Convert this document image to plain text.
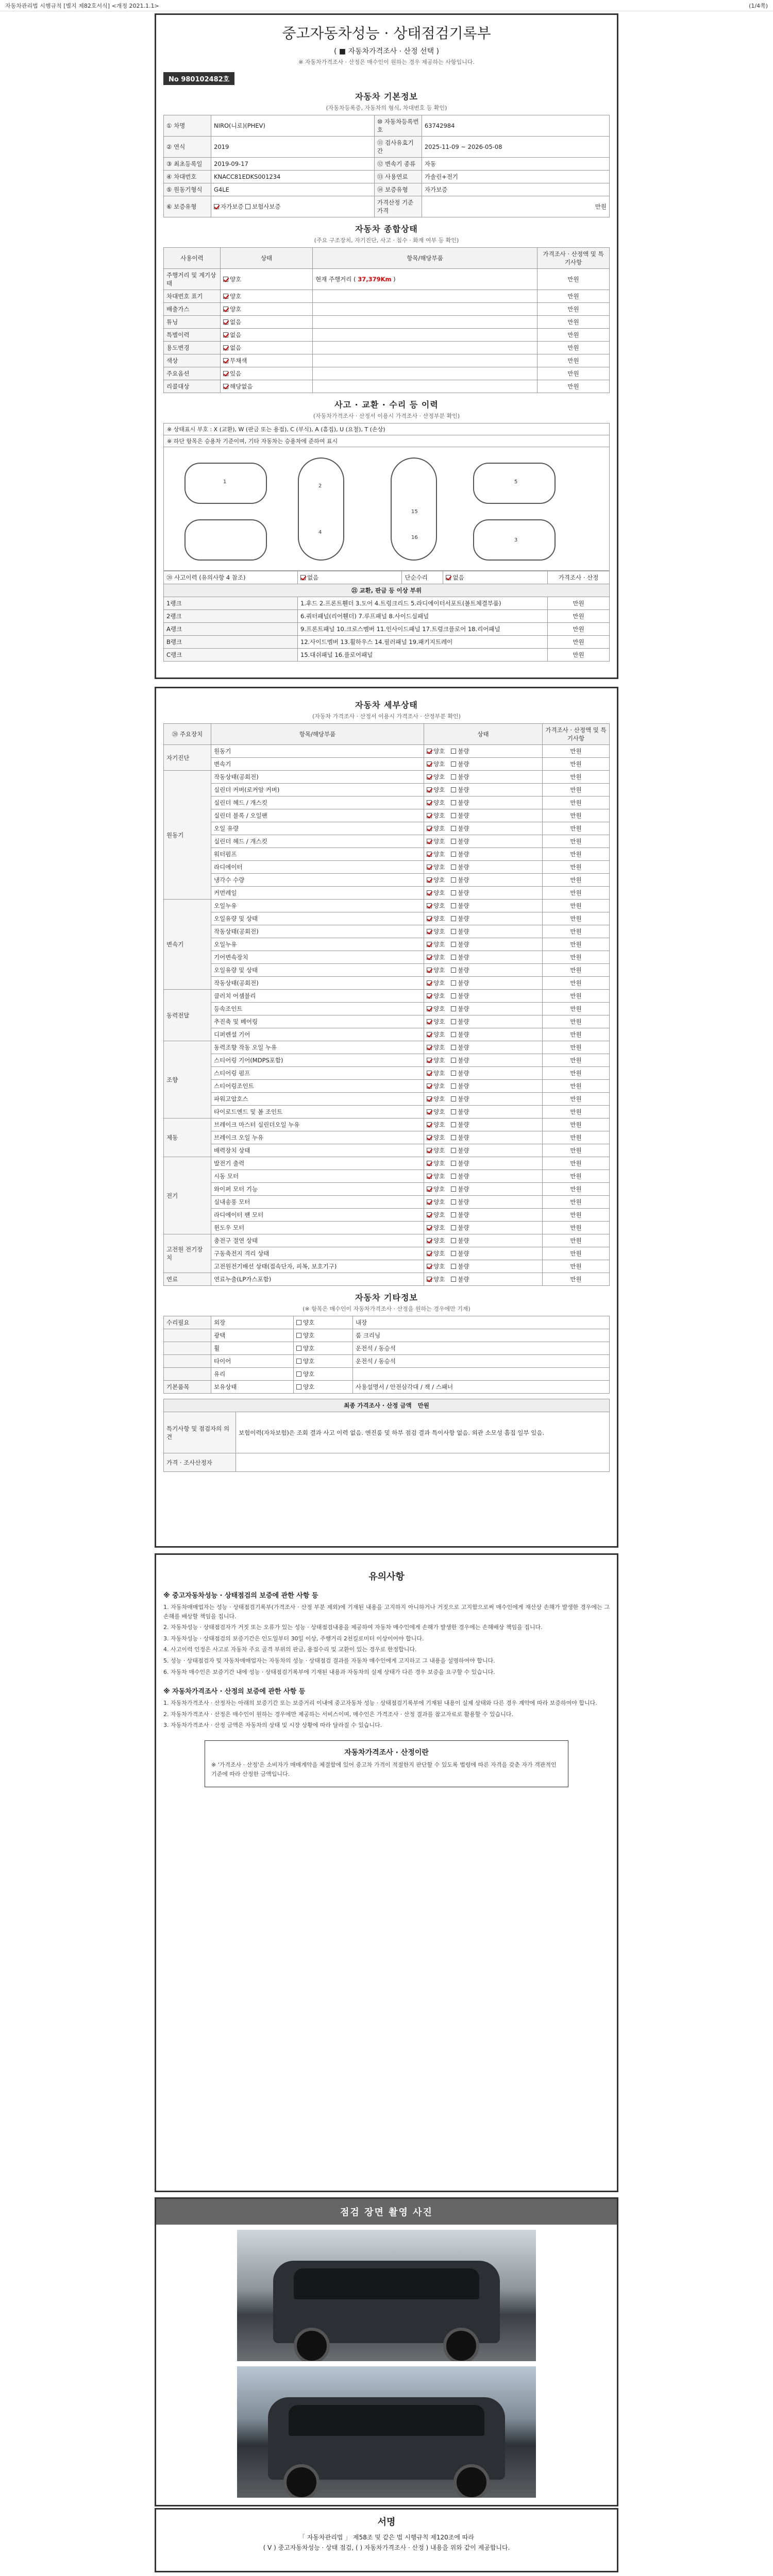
자동차관리법 시행규칙 [별지 제82호서식] <개정 2021.1.1>	(1/4쪽)
중고자동차성능 · 상태점검기록부
( ■ 자동차가격조사 · 산정 선택 )
※ 자동차가격조사 · 산정은 매수인이 원하는 경우 제공하는 사항입니다.
No 980102482호
자동차 기본정보
(자동차등록증, 자동차의 형식, 차대번호 등 확인)
① 차명	NIRO(니로)(PHEV)	⑩ 자동차등록번호	63742984
② 연식	2019	⑪ 검사유효기간	2025-11-09 ~ 2026-05-08
③ 최초등록일	2019-09-17	⑫ 변속기 종류	자동
④ 차대번호	KNACC81EDKS001234	⑬ 사용연료	가솔린+전기
⑤ 원동기형식	G4LE	⑭ 보증유형	자가보증
⑥ 보증유형	자가보증 보험사보증	가격산정 기준가격	만원
자동차 종합상태
(주요 구조장치, 자기진단, 사고 · 침수 · 화재 여부 등 확인)
사용이력	상태	항목/해당부품	가격조사 · 산정액 및 특기사항
주행거리 및 계기상태	양호	현재 주행거리 ( 37,379Km )	만원
차대번호 표기	양호		만원
배출가스	양호		만원
튜닝	없음		만원
특별이력	없음		만원
용도변경	없음		만원
색상	무채색		만원
주요옵션	있음		만원
리콜대상	해당없음		만원
사고 · 교환 · 수리 등 이력
(자동차가격조사 · 산정서 이용시 가격조사 · 산정부분 확인)
※ 상태표시 부호 : X (교환), W (판금 또는 용접), C (부식), A (흠집), U (요철), T (손상)
※ 하단 항목은 승용차 기준이며, 기타 자동차는 승용차에 준하여 표시
1
2
4
15
16
5
3
⑳ 사고이력 (유의사항 4 참조)	없음	단순수리	없음	가격조사 · 산정
㉑ 교환, 판금 등 이상 부위				
1랭크	1.후드 2.프론트휀더 3.도어 4.트렁크리드 5.라디에이터서포트(볼트체결부품)			만원
2랭크	6.쿼터패널(리어휀더) 7.루프패널 8.사이드실패널			만원
A랭크	9.프론트패널 10.크로스멤버 11.인사이드패널 17.트렁크플로어 18.리어패널			만원
B랭크	12.사이드멤버 13.휠하우스 14.필러패널 19.패키지트레이			만원
C랭크	15.대쉬패널 16.플로어패널			만원
자동차 세부상태
(자동차 가격조사 · 산정서 이용시 가격조사 · 산정부분 확인)
⑳ 주요장치	항목/해당부품	상태	가격조사 · 산정액 및 특기사항
자기진단	원동기	양호 불량	만원
	변속기	양호 불량	만원
원동기	작동상태(공회전)	양호 불량	만원
	실린더 커버(로커암 커버)	양호 불량	만원
	실린더 헤드 / 개스킷	양호 불량	만원
	실린더 블록 / 오일팬	양호 불량	만원
	오일 유량	양호 불량	만원
	실린더 헤드 / 개스킷	양호 불량	만원
	워터펌프	양호 불량	만원
	라디에이터	양호 불량	만원
	냉각수 수량	양호 불량	만원
	커먼레일	양호 불량	만원
변속기	오일누유	양호 불량	만원
	오일유량 및 상태	양호 불량	만원
	작동상태(공회전)	양호 불량	만원
	오일누유	양호 불량	만원
	기어변속장치	양호 불량	만원
	오일유량 및 상태	양호 불량	만원
	작동상태(공회전)	양호 불량	만원
동력전달	클러치 어셈블리	양호 불량	만원
	등속조인트	양호 불량	만원
	추진축 및 베어링	양호 불량	만원
	디퍼렌셜 기어	양호 불량	만원
조향	동력조향 작동 오일 누유	양호 불량	만원
	스티어링 기어(MDPS포함)	양호 불량	만원
	스티어링 펌프	양호 불량	만원
	스티어링조인트	양호 불량	만원
	파워고압호스	양호 불량	만원
	타이로드엔드 및 볼 조인트	양호 불량	만원
제동	브레이크 마스터 실린더오일 누유	양호 불량	만원
	브레이크 오일 누유	양호 불량	만원
	배력장치 상태	양호 불량	만원
전기	발전기 출력	양호 불량	만원
	시동 모터	양호 불량	만원
	와이퍼 모터 기능	양호 불량	만원
	실내송풍 모터	양호 불량	만원
	라디에이터 팬 모터	양호 불량	만원
	윈도우 모터	양호 불량	만원
고전원 전기장치	충전구 절연 상태	양호 불량	만원
	구동축전지 격리 상태	양호 불량	만원
	고전원전기배선 상태(접속단자, 피복, 보호기구)	양호 불량	만원
연료	연료누출(LP가스포함)	양호 불량	만원
자동차 기타정보
(※ 항목은 매수인이 자동차가격조사 · 산정을 원하는 경우에만 기재)
수리필요	외장	양호	내장
	광택	양호	룸 크리닝
	휠	양호	운전석 / 동승석
	타이어	양호	운전석 / 동승석
	유리	양호	
기본품목	보유상태	양호	사용설명서 / 안전삼각대 / 잭 / 스패너
최종 가격조사 · 산정 금액 만원	
특기사항 및 점검자의 의견	보험이력(자차보험)은 조회 결과 사고 이력 없음. 엔진룸 및 하부 점검 결과 특이사항 없음. 외관 소모성 흠집 일부 있음.
가격 · 조사산정자	
유의사항
※ 중고자동차성능 · 상태점검의 보증에 관한 사항 등

1. 자동차매매업자는 성능 · 상태점검기록부(가격조사 · 산정 부분 제외)에 기재된 내용을 고지하지 아니하거나 거짓으로 고지함으로써 매수인에게 재산상 손해가 발생한 경우에는 그 손해를 배상할 책임을 집니다.

2. 자동차성능 · 상태점검자가 거짓 또는 오류가 있는 성능 · 상태점검내용을 제공하여 자동차 매수인에게 손해가 발생한 경우에는 손해배상 책임을 집니다.

3. 자동차성능 · 상태점검의 보증기간은 인도일부터 30일 이상, 주행거리 2천킬로미터 이상이어야 합니다.

4. 사고이력 인정은 사고로 자동차 주요 골격 부위의 판금, 용접수리 및 교환이 있는 경우로 한정합니다.

5. 성능 · 상태점검자 및 자동차매매업자는 자동차의 성능 · 상태점검 결과를 자동차 매수인에게 고지하고 그 내용을 설명하여야 합니다.

6. 자동차 매수인은 보증기간 내에 성능 · 상태점검기록부에 기재된 내용과 자동차의 실제 상태가 다른 경우 보증을 요구할 수 있습니다.

※ 자동차가격조사 · 산정의 보증에 관한 사항 등

1. 자동차가격조사 · 산정자는 아래의 보증기간 또는 보증거리 이내에 중고자동차 성능 · 상태점검기록부에 기재된 내용이 실제 상태와 다른 경우 계약에 따라 보증하여야 합니다.

2. 자동차가격조사 · 산정은 매수인이 원하는 경우에만 제공하는 서비스이며, 매수인은 가격조사 · 산정 결과를 참고자료로 활용할 수 있습니다.

3. 자동차가격조사 · 산정 금액은 자동차의 상태 및 시장 상황에 따라 달라질 수 있습니다.

자동차가격조사 · 산정이란

※ '가격조사 · 산정'은 소비자가 매매계약을 체결함에 있어 중고차 가격이 적절한지 판단할 수 있도록 법령에 따른 자격을 갖춘 자가 객관적인 기준에 따라 산정한 금액입니다.

점검 장면 촬영 사진
서명
「 자동차관리법 」 제58조 및 같은 법 시행규칙 제120조에 따라
( V ) 중고자동차성능 · 상태 점검, ( ) 자동차가격조사 · 산정 ) 내용을 위와 같이 제공합니다.
